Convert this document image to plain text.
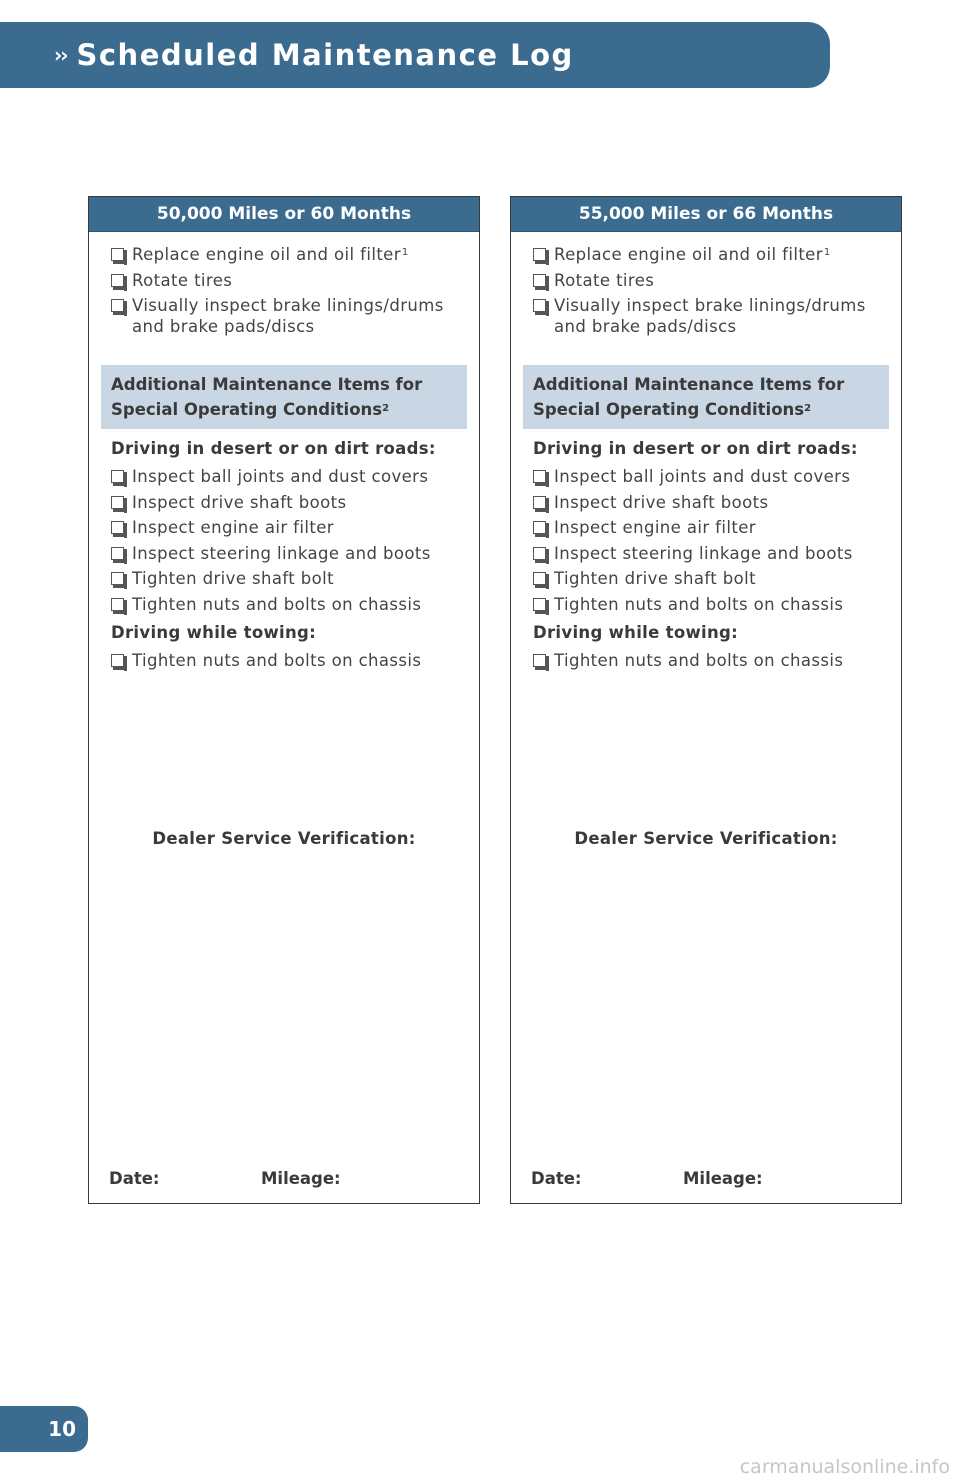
›› Scheduled Maintenance Log
50,000 Miles or 60 Months
Replace engine oil and oil filter$^1$
Rotate tires
Visually inspect brake linings/drums and brake pads/discs
Additional Maintenance Items for
Special Operating Conditions$^2$
Driving in desert or on dirt roads:
Inspect ball joints and dust covers
Inspect drive shaft boots
Inspect engine air filter
Inspect steering linkage and boots
Tighten drive shaft bolt
Tighten nuts and bolts on chassis
Driving while towing:
Tighten nuts and bolts on chassis
Dealer Service Verification:
Date:	Mileage:
55,000 Miles or 66 Months
Replace engine oil and oil filter$^1$
Rotate tires
Visually inspect brake linings/drums and brake pads/discs
Additional Maintenance Items for
Special Operating Conditions$^2$
Driving in desert or on dirt roads:
Inspect ball joints and dust covers
Inspect drive shaft boots
Inspect engine air filter
Inspect steering linkage and boots
Tighten drive shaft bolt
Tighten nuts and bolts on chassis
Driving while towing:
Tighten nuts and bolts on chassis
Dealer Service Verification:
Date:	Mileage:
10
carmanualsonline.info
